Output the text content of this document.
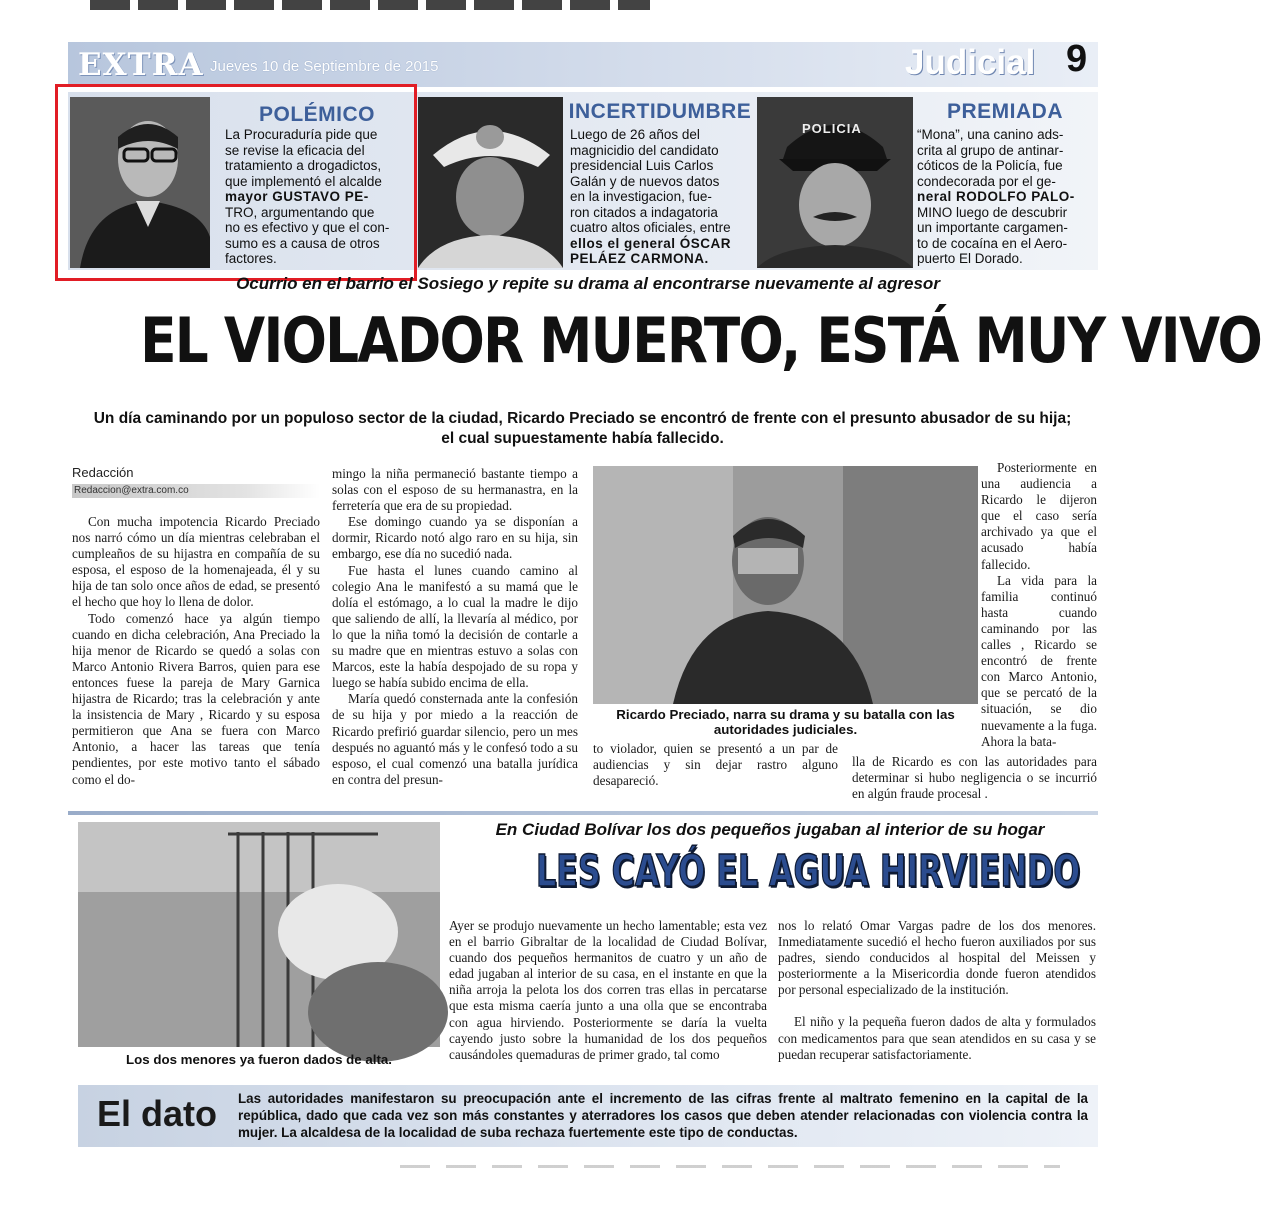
EXTRA Jueves 10 de Septiembre de 2015	Judicial 9
POLÉMICO
La Procuraduría pide que
se revise la eficacia del
tratamiento a drogadictos,
que implementó el alcalde
mayor GUSTAVO PE-
TRO, argumentando que
no es efectivo y que el con-
sumo es a causa de otros
factores.
INCERTIDUMBRE
Luego de 26 años del
magnicidio del candidato
presidencial Luis Carlos
Galán y de nuevos datos
en la investigacion, fue-
ron citados a indagatoria
cuatro altos oficiales, entre
ellos el general ÓSCAR
PELÁEZ CARMONA.
POLICIA
PREMIADA
“Mona”, una canino ads-
crita al grupo de antinar-
cóticos de la Policía, fue
condecorada por el ge-
neral RODOLFO PALO-
MINO luego de descubrir
un importante cargamen-
to de cocaína en el Aero-
puerto El Dorado.
Ocurrio en el barrio el Sosiego y repite su drama al encontrarse nuevamente al agresor
EL VIOLADOR MUERTO, ESTÁ MUY VIVO
Un día caminando por un populoso sector de la ciudad, Ricardo Preciado se encontró de frente con el presunto abusador de su hija;
el cual supuestamente había fallecido.
Redacción
Redaccion@extra.com.co

Con mucha impotencia Ricardo Preciado nos narró cómo un día mientras celebraban el cumpleaños de su hijastra en compañía de su esposa, el esposo de la homenajeada, él y su hija de tan solo once años de edad, se presentó el hecho que hoy lo llena de dolor.

Todo comenzó hace ya algún tiempo cuando en dicha celebración, Ana Preciado la hija menor de Ricardo se quedó a solas con Marco Antonio Rivera Barros, quien para ese entonces fuese la pareja de Mary Garnica hijastra de Ricardo; tras la celebración y ante la insistencia de Mary , Ricardo y su esposa permitieron que Ana se fuera con Marco Antonio, a hacer las tareas que tenía pendientes, por este motivo tanto el sábado como el do-

mingo la niña permaneció bastante tiempo a solas con el esposo de su hermanastra, en la ferretería que era de su propiedad.

Ese domingo cuando ya se disponían a dormir, Ricardo notó algo raro en su hija, sin embargo, ese día no sucedió nada.

Fue hasta el lunes cuando camino al colegio Ana le manifestó a su mamá que le dolía el estómago, a lo cual la madre le dijo que saliendo de allí, la llevaría al médico, por lo que la niña tomó la decisión de contarle a su madre que en mientras estuvo a solas con Marcos, este la había despojado de su ropa y luego se había subido encima de ella.

María quedó consternada ante la confesión de su hija y por miedo a la reacción de Ricardo prefirió guardar silencio, pero un mes después no aguantó más y le confesó todo a su esposo, el cual comenzó una batalla jurídica en contra del presun-

Ricardo Preciado, narra su drama y su batalla con las autoridades judiciales.

to violador, quien se presentó a un par de audiencias y sin dejar rastro alguno desapareció.

Posteriormente en una audiencia a Ricardo le dijeron que el caso sería archivado ya que el acusado había fallecido.

La vida para la familia continuó hasta cuando caminando por las calles , Ricardo se encontró de frente con Marco Antonio, que se percató de la situación, se dio nuevamente a la fuga. Ahora la bata-

lla de Ricardo es con las autoridades para determinar si hubo negligencia o se incurrió en algún fraude procesal .

Los dos menores ya fueron dados de alta.
En Ciudad Bolívar los dos pequeños jugaban al interior de su hogar
LES CAYÓ EL AGUA HIRVIENDO

Ayer se produjo nuevamente un hecho lamentable; esta vez en el barrio Gibraltar de la localidad de Ciudad Bolívar, cuando dos pequeños hermanitos de cuatro y un año de edad jugaban al interior de su casa, en el instante en que la niña arroja la pelota los dos corren tras ellas in percatarse que esta misma caería junto a una olla que se encontraba con agua hirviendo. Posteriormente se daría la vuelta cayendo justo sobre la humanidad de los dos pequeños causándoles quemaduras de primer grado, tal como

nos lo relató Omar Vargas padre de los dos menores. Inmediatamente sucedió el hecho fueron auxiliados por sus padres, siendo conducidos al hospital del Meissen y posteriormente a la Misericordia donde fueron atendidos por personal especializado de la institución.

El niño y la pequeña fueron dados de alta y formulados con medicamentos para que sean atendidos en su casa y se puedan recuperar satisfactoriamente.

El dato Las autoridades manifestaron su preocupación ante el incremento de las cifras frente al maltrato femenino en la capital de la república, dado que cada vez son más constantes y aterradores los casos que deben atender relacionadas con violencia contra la mujer. La alcaldesa de la localidad de suba rechaza fuertemente este tipo de conductas.
